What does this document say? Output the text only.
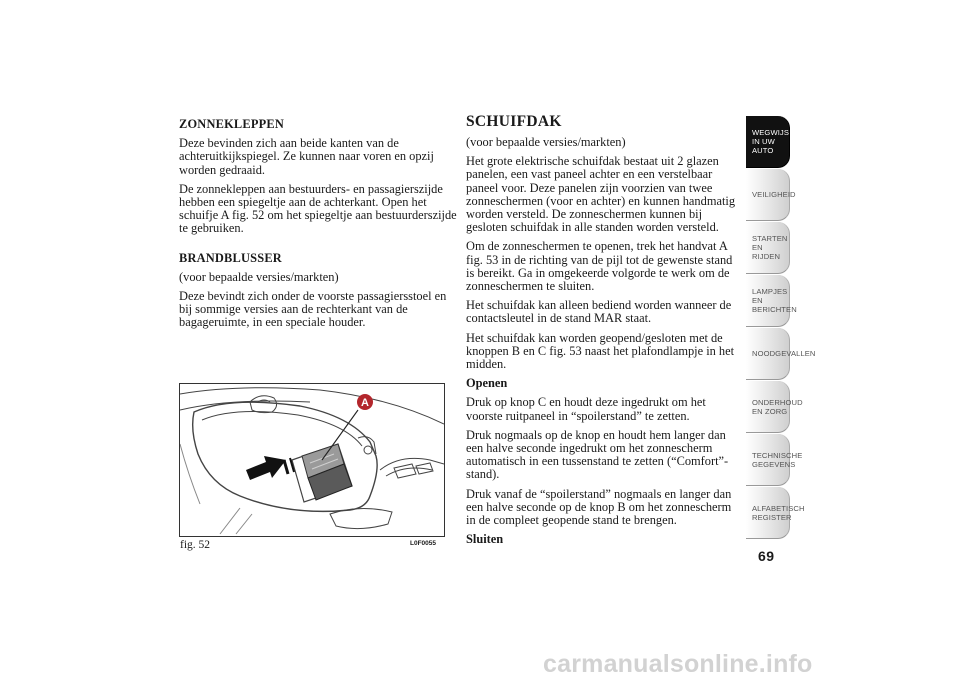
ZONNEKLEPPEN

Deze bevinden zich aan beide kanten van de achteruitkijkspiegel. Ze kunnen naar voren en opzij worden gedraaid.

De zonnekleppen aan bestuurders- en passagierszijde hebben een spiegeltje aan de achterkant. Open het schuifje A fig. 52 om het spiegeltje aan bestuurderszijde te gebruiken.

BRANDBLUSSER

(voor bepaalde versies/markten)

Deze bevindt zich onder de voorste passagiersstoel en bij sommige versies aan de rechterkant van de bagageruimte, in een speciale houder.

A
fig. 52	L0F0055

SCHUIFDAK

(voor bepaalde versies/markten)

Het grote elektrische schuifdak bestaat uit 2 glazen panelen, een vast paneel achter en een verstelbaar paneel voor. Deze panelen zijn voorzien van twee zonneschermen (voor en achter) en kunnen handmatig worden versteld. De zonneschermen kunnen bij gesloten schuifdak in alle standen worden versteld.

Om de zonneschermen te openen, trek het handvat A fig. 53 in de richting van de pijl tot de gewenste stand is bereikt. Ga in omgekeerde volgorde te werk om de zonneschermen te sluiten.

Het schuifdak kan alleen bediend worden wanneer de contactsleutel in de stand MAR staat.

Het schuifdak kan worden geopend/gesloten met de knoppen B en C fig. 53 naast het plafondlampje in het midden.

Openen

Druk op knop C en houdt deze ingedrukt om het voorste ruitpaneel in “spoilerstand” te zetten.

Druk nogmaals op de knop en houdt hem langer dan een halve seconde ingedrukt om het zonnescherm automatisch in een tussenstand te zetten (“Comfort”-stand).

Druk vanaf de “spoilerstand” nogmaals en langer dan een halve seconde op de knop B om het zonnescherm in de compleet geopende stand te brengen.

Sluiten

WEGWIJS IN UW AUTO
VEILIGHEID
STARTEN EN RIJDEN
LAMPJES EN BERICHTEN
NOODGEVALLEN
ONDERHOUD EN ZORG
TECHNISCHE GEGEVENS
ALFABETISCH REGISTER
69
carmanualsonline.info
